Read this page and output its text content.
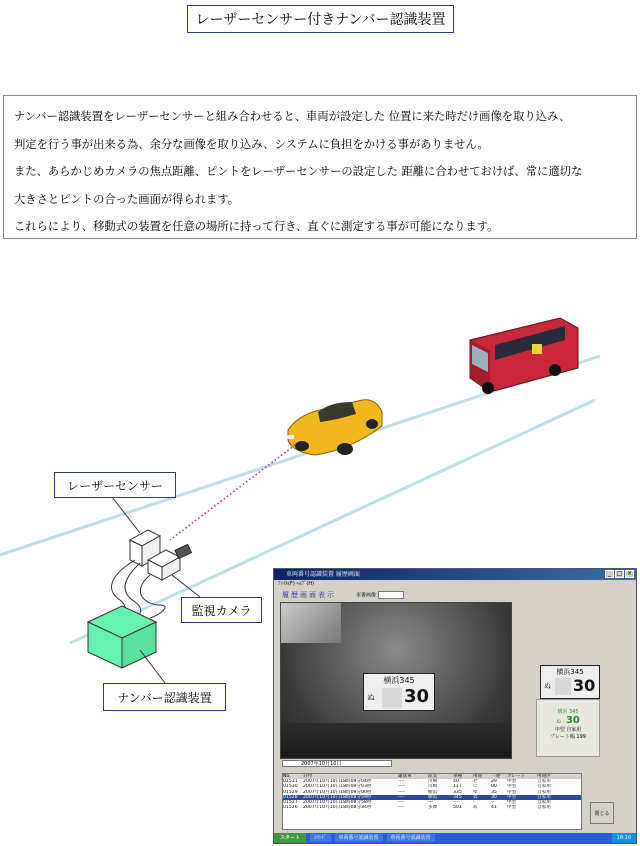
レーザーセンサー付きナンバー認識装置

ナンバー認識装置をレーザーセンサーと組み合わせると、車両が設定した 位置に来た時だけ画像を取り込み、

判定を行う事が出来る為、余分な画像を取り込み、システムに負担をかける事がありません。

また、あらかじめカメラの焦点距離、ピントをレーザーセンサーの設定した 距離に合わせておけば、常に適切な

大きさとピントの合った画面が得られます。

これらにより、移動式の装置を任意の場所に持って行き、直ぐに測定する事が可能になります。

レーザーセンサー
監視カメラ
ナンバー認識装置
車両番号認識装置 履歴画面	_ □ ×
ﾌｧｲﾙ(F) ﾍﾙﾌﾟ(H)
履歴画面表示	車番画像
横浜345
ぬ 30
横浜345
ぬ 30
横浜 345
ぬ · 30
中型 自家用
プレート幅 199
2007年10月10日
No.	日付	違法車	陸支	車種	用途	一連	プレート	用途区
01531	2007年10月10日18時09分04秒	----	川崎	40	せ	29	中型	自家用
01530	2007年10月10日18時09分03秒	----	川崎	117	に	00	中型	自家用
01529	2007年10月10日18時09分00秒	----	横浜	335	ゆ	35	中型	自家用
01528	2007年10月10日18時08分59秒	----	横浜	345	ぬ	30	中型	自家用
01527	2007年10月10日18時08分58秒	----	---	---	-	--	中型	自家用
01526	2007年10月10日18時08分34秒	----	多摩	501	め	41	中型	自家用
閉じる
スタート	ｺﾏﾝﾄﾞ	車両番号認識装置	車両番号認識装置	18:10
